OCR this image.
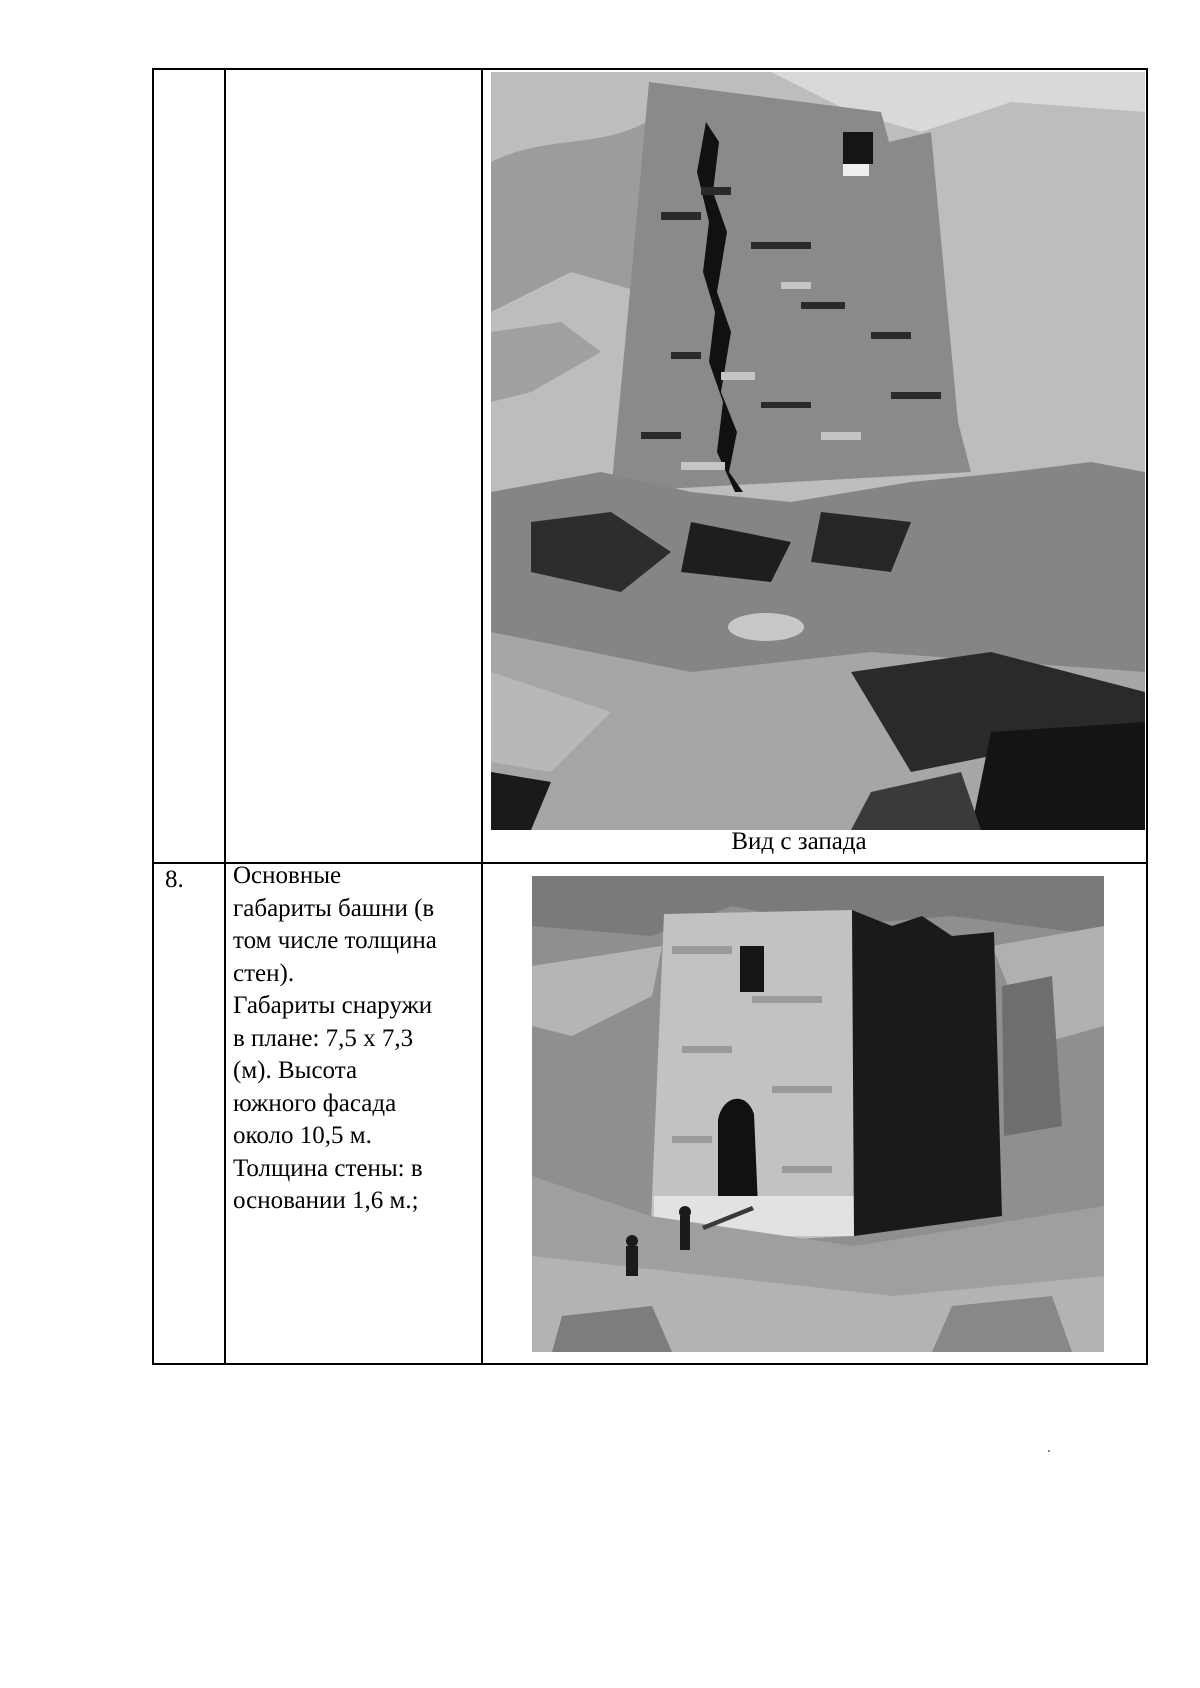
Вид с запада
8. Основные
габариты башни (в
том числе толщина
стен).
Габариты снаружи
в плане: 7,5 х 7,3
(м). Высота
южного фасада
около 10,5 м.
Толщина стены: в
основании 1,6 м.;
